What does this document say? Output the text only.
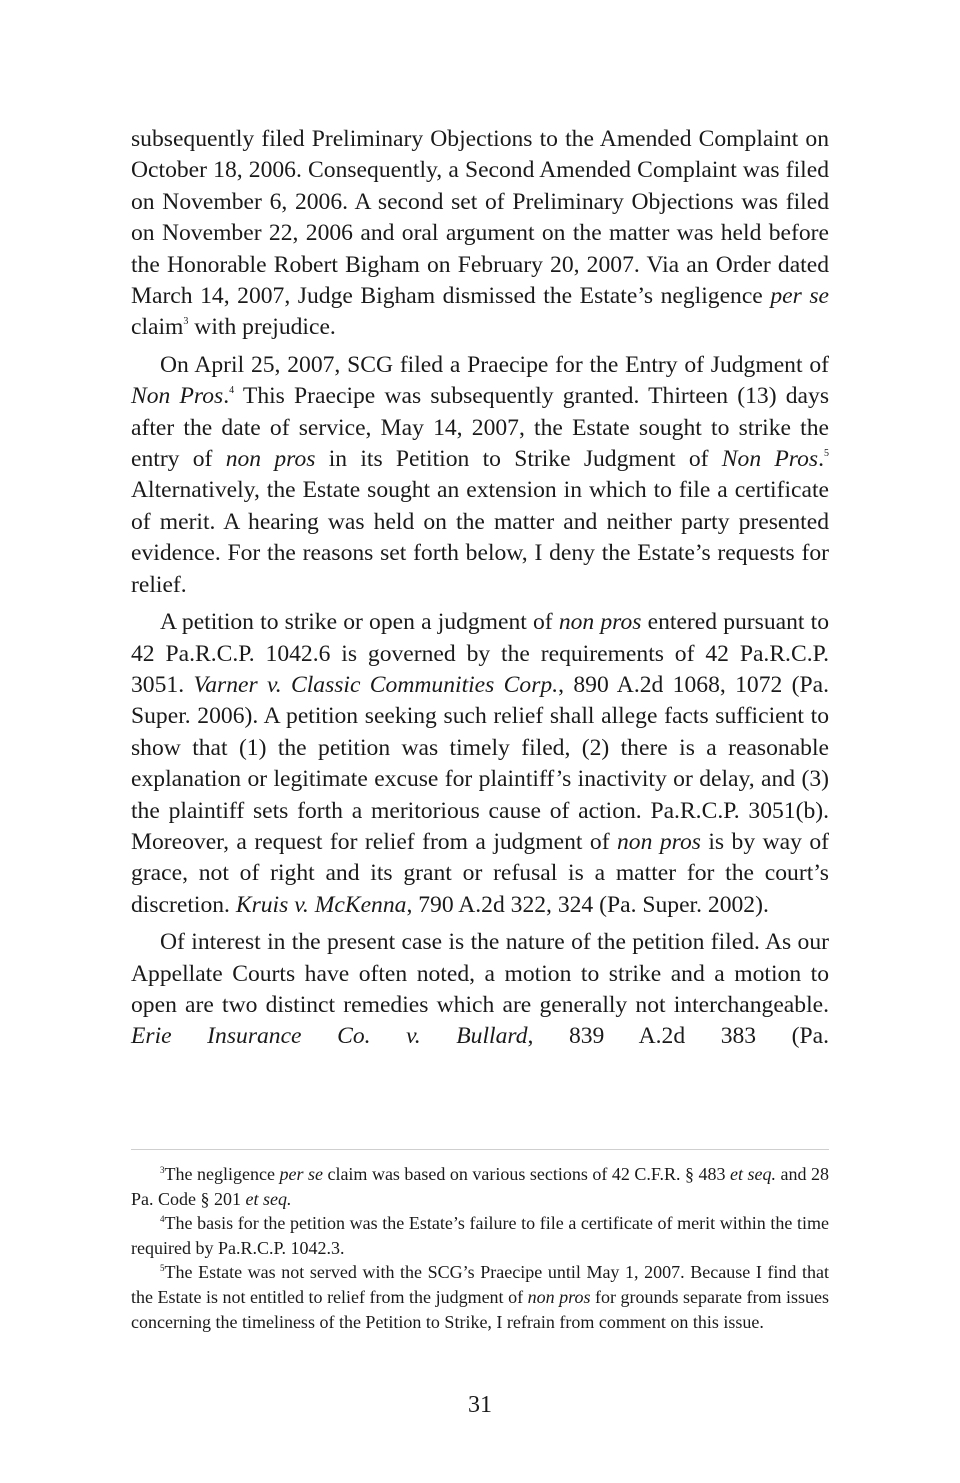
subsequently filed Preliminary Objections to the Amended Complaint on October 18, 2006. Consequently, a Second Amended Complaint was filed on November 6, 2006. A second set of Preliminary Objections was filed on November 22, 2006 and oral argument on the matter was held before the Honorable Robert Bigham on February 20, 2007. Via an Order dated March 14, 2007, Judge Bigham dismissed the Estate’s negligence per se claim$^3$ with prejudice.

On April 25, 2007, SCG filed a Praecipe for the Entry of Judgment of Non Pros.$^4$ This Praecipe was subsequently granted. Thirteen (13) days after the date of service, May 14, 2007, the Estate sought to strike the entry of non pros in its Petition to Strike Judgment of Non Pros.$^5$ Alternatively, the Estate sought an extension in which to file a certificate of merit. A hearing was held on the matter and neither party presented evidence. For the reasons set forth below, I deny the Estate’s requests for relief.

A petition to strike or open a judgment of non pros entered pursuant to 42 Pa.R.C.P. 1042.6 is governed by the requirements of 42 Pa.R.C.P. 3051. Varner v. Classic Communities Corp., 890 A.2d 1068, 1072 (Pa. Super. 2006). A petition seeking such relief shall allege facts sufficient to show that (1) the petition was timely filed, (2) there is a reasonable explanation or legitimate excuse for plaintiff’s inactivity or delay, and (3) the plaintiff sets forth a meritorious cause of action. Pa.R.C.P. 3051(b). Moreover, a request for relief from a judgment of non pros is by way of grace, not of right and its grant or refusal is a matter for the court’s discretion. Kruis v. McKenna, 790 A.2d 322, 324 (Pa. Super. 2002).

Of interest in the present case is the nature of the petition filed. As our Appellate Courts have often noted, a motion to strike and a motion to open are two distinct remedies which are generally not interchangeable. Erie Insurance Co. v. Bullard, 839 A.2d 383 (Pa.

$^3$The negligence per se claim was based on various sections of 42 C.F.R. § 483 et seq. and 28 Pa. Code § 201 et seq.

$^4$The basis for the petition was the Estate’s failure to file a certificate of merit within the time required by Pa.R.C.P. 1042.3.

$^5$The Estate was not served with the SCG’s Praecipe until May 1, 2007. Because I find that the Estate is not entitled to relief from the judgment of non pros for grounds separate from issues concerning the timeliness of the Petition to Strike, I refrain from comment on this issue.

31
